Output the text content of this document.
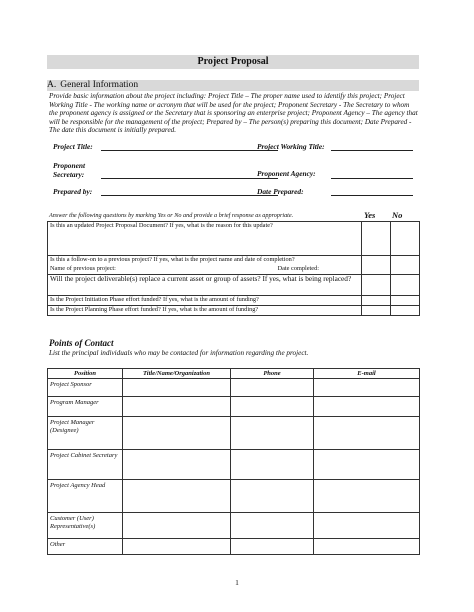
Project Proposal
A. General Information
Provide basic information about the project including: Project Title – The proper name used to identify this project; Project Working Title - The working name or acronym that will be used for the project; Proponent Secretary - The Secretary to whom the proponent agency is assigned or the Secretary that is sponsoring an enterprise project; Proponent Agency – The agency that will be responsible for the management of the project; Prepared by – The person(s) preparing this document; Date Prepared - The date this document is initially prepared.
Project Title:	Project Working Title:
Proponent
Secretary:	Proponent Agency:
Prepared by:	Date Prepared:
Answer the following questions by marking Yes or No and provide a brief response as appropriate.	Yes No
Is this an updated Project Proposal Document? If yes, what is the reason for this update?		
Is this a follow-on to a previous project? If yes, what is the project name and date of completion?		

Name of previous project: Date completed:		

Will the project deliverable(s) replace a current asset or group of assets? If yes, what is being replaced?		
Is the Project Initiation Phase effort funded? If yes, what is the amount of funding?		
Is the Project Planning Phase effort funded? If yes, what is the amount of funding?		
Points of Contact
List the principal individuals who may be contacted for information regarding the project.
Position	Title/Name/Organization	Phone	E-mail
Project Sponsor			
Program Manager			
Project Manager (Designee)			
Project Cabinet Secretary			
Project Agency Head			
Customer (User) Representative(s)			
Other			
1
